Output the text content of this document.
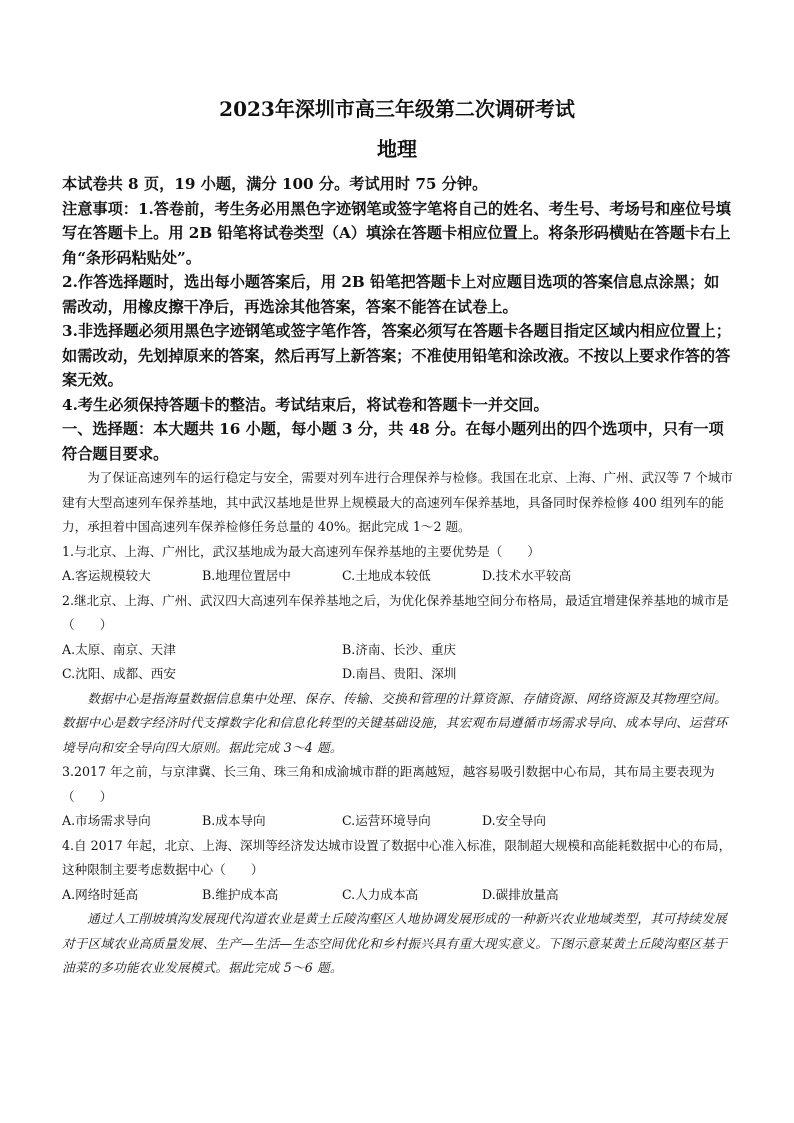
2023年深圳市高三年级第二次调研考试
地理

本试卷共 8 页，19 小题，满分 100 分。考试用时 75 分钟。

注意事项：1.答卷前，考生务必用黑色字迹钢笔或签字笔将自己的姓名、考生号、考场号和座位号填写在答题卡上。用 2B 铅笔将试卷类型（A）填涂在答题卡相应位置上。将条形码横贴在答题卡右上角“条形码粘贴处”。

2.作答选择题时，选出每小题答案后，用 2B 铅笔把答题卡上对应题目选项的答案信息点涂黑；如需改动，用橡皮擦干净后，再选涂其他答案，答案不能答在试卷上。

3.非选择题必须用黑色字迹钢笔或签字笔作答，答案必须写在答题卡各题目指定区域内相应位置上；如需改动，先划掉原来的答案，然后再写上新答案；不准使用铅笔和涂改液。不按以上要求作答的答案无效。

4.考生必须保持答题卡的整洁。考试结束后，将试卷和答题卡一并交回。

一、选择题：本大题共 16 小题，每小题 3 分，共 48 分。在每小题列出的四个选项中，只有一项符合题目要求。

为了保证高速列车的运行稳定与安全，需要对列车进行合理保养与检修。我国在北京、上海、广州、武汉等 7 个城市建有大型高速列车保养基地，其中武汉基地是世界上规模最大的高速列车保养基地，具备同时保养检修 400 组列车的能力，承担着中国高速列车保养检修任务总量的 40%。据此完成 1～2 题。

1.与北京、上海、广州比，武汉基地成为最大高速列车保养基地的主要优势是（　　）

A.客运规模较大	B.地理位置居中	C.土地成本较低	D.技术水平较高

2.继北京、上海、广州、武汉四大高速列车保养基地之后，为优化保养基地空间分布格局，最适宜增建保养基地的城市是（　　）

A.太原、南京、天津	B.济南、长沙、重庆
C.沈阳、成都、西安	D.南昌、贵阳、深圳

数据中心是指海量数据信息集中处理、保存、传输、交换和管理的计算资源、存储资源、网络资源及其物理空间。数据中心是数字经济时代支撑数字化和信息化转型的关键基础设施，其宏观布局遵循市场需求导向、成本导向、运营环境导向和安全导向四大原则。据此完成 3～4 题。

3.2017 年之前，与京津冀、长三角、珠三角和成渝城市群的距离越短，越容易吸引数据中心布局，其布局主要表现为（　　）

A.市场需求导向	B.成本导向	C.运营环境导向	D.安全导向

4.自 2017 年起，北京、上海、深圳等经济发达城市设置了数据中心准入标准，限制超大规模和高能耗数据中心的布局，这种限制主要考虑数据中心（　　）

A.网络时延高	B.维护成本高	C.人力成本高	D.碳排放量高

通过人工削坡填沟发展现代沟道农业是黄土丘陵沟壑区人地协调发展形成的一种新兴农业地域类型，其可持续发展对于区域农业高质量发展、生产—生活—生态空间优化和乡村振兴具有重大现实意义。下图示意某黄土丘陵沟壑区基于油菜的多功能农业发展模式。据此完成 5～6 题。
